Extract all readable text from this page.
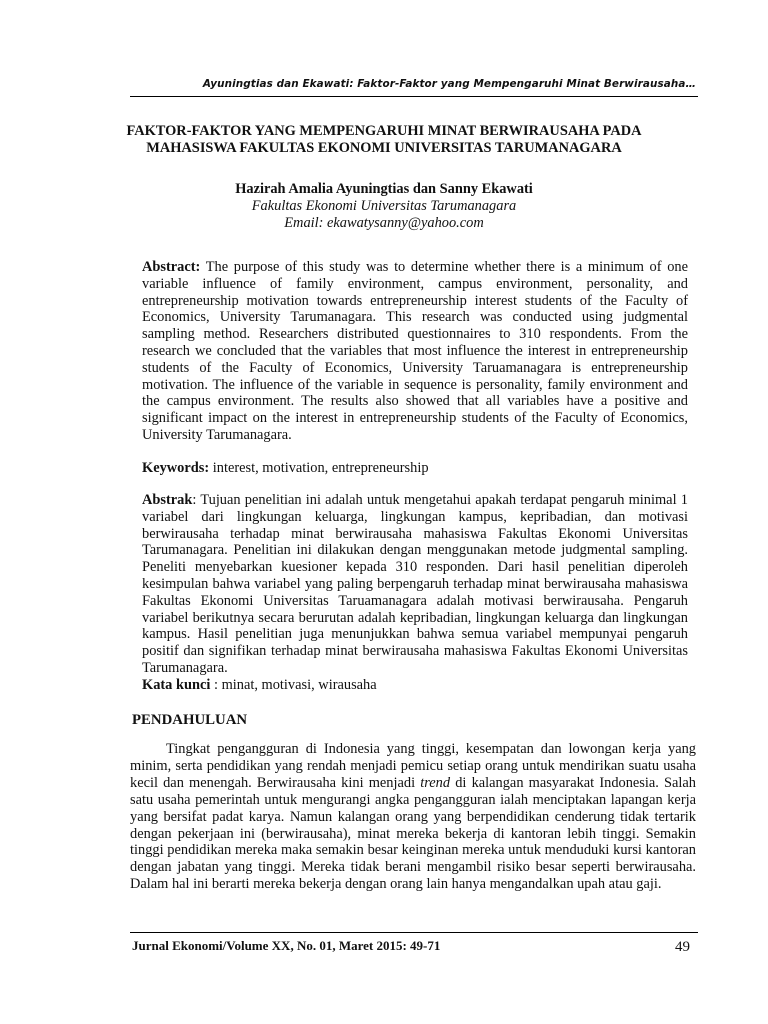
Ayuningtias dan Ekawati: Faktor-Faktor yang Mempengaruhi Minat Berwirausaha…
FAKTOR-FAKTOR YANG MEMPENGARUHI MINAT BERWIRAUSAHA PADA
MAHASISWA FAKULTAS EKONOMI UNIVERSITAS TARUMANAGARA

Hazirah Amalia Ayuningtias dan Sanny Ekawati

Fakultas Ekonomi Universitas Tarumanagara
Email: ekawatysanny@yahoo.com

Abstract: The purpose of this study was to determine whether there is a minimum of one variable influence of family environment, campus environment, personality, and entrepreneurship motivation towards entrepreneurship interest students of the Faculty of Economics, University Tarumanagara. This research was conducted using judgmental sampling method. Researchers distributed questionnaires to 310 respondents. From the research we concluded that the variables that most influence the interest in entrepreneurship students of the Faculty of Economics, University Taruamanagara is entrepreneurship motivation. The influence of the variable in sequence is personality, family environment and the campus environment. The results also showed that all variables have a positive and significant impact on the interest in entrepreneurship students of the Faculty of Economics, University Tarumanagara.

Keywords: interest, motivation, entrepreneurship

Abstrak: Tujuan penelitian ini adalah untuk mengetahui apakah terdapat pengaruh minimal 1 variabel dari lingkungan keluarga, lingkungan kampus, kepribadian, dan motivasi berwirausaha terhadap minat berwirausaha mahasiswa Fakultas Ekonomi Universitas Tarumanagara. Penelitian ini dilakukan dengan menggunakan metode judgmental sampling. Peneliti menyebarkan kuesioner kepada 310 responden. Dari hasil penelitian diperoleh kesimpulan bahwa variabel yang paling berpengaruh terhadap minat berwirausaha mahasiswa Fakultas Ekonomi Universitas Taruamanagara adalah motivasi berwirausaha. Pengaruh variabel berikutnya secara berurutan adalah kepribadian, lingkungan keluarga dan lingkungan kampus. Hasil penelitian juga menunjukkan bahwa semua variabel mempunyai pengaruh positif dan signifikan terhadap minat berwirausaha mahasiswa Fakultas Ekonomi Universitas Tarumanagara.
Kata kunci : minat, motivasi, wirausaha
PENDAHULUAN

Tingkat pengangguran di Indonesia yang tinggi, kesempatan dan lowongan kerja yang minim, serta pendidikan yang rendah menjadi pemicu setiap orang untuk mendirikan suatu usaha kecil dan menengah. Berwirausaha kini menjadi trend di kalangan masyarakat Indonesia. Salah satu usaha pemerintah untuk mengurangi angka pengangguran ialah menciptakan lapangan kerja yang bersifat padat karya. Namun kalangan orang yang berpendidikan cenderung tidak tertarik dengan pekerjaan ini (berwirausaha), minat mereka bekerja di kantoran lebih tinggi. Semakin tinggi pendidikan mereka maka semakin besar keinginan mereka untuk menduduki kursi kantoran dengan jabatan yang tinggi. Mereka tidak berani mengambil risiko besar seperti berwirausaha. Dalam hal ini berarti mereka bekerja dengan orang lain hanya mengandalkan upah atau gaji.

Jurnal Ekonomi/Volume XX, No. 01, Maret 2015: 49-71	49
